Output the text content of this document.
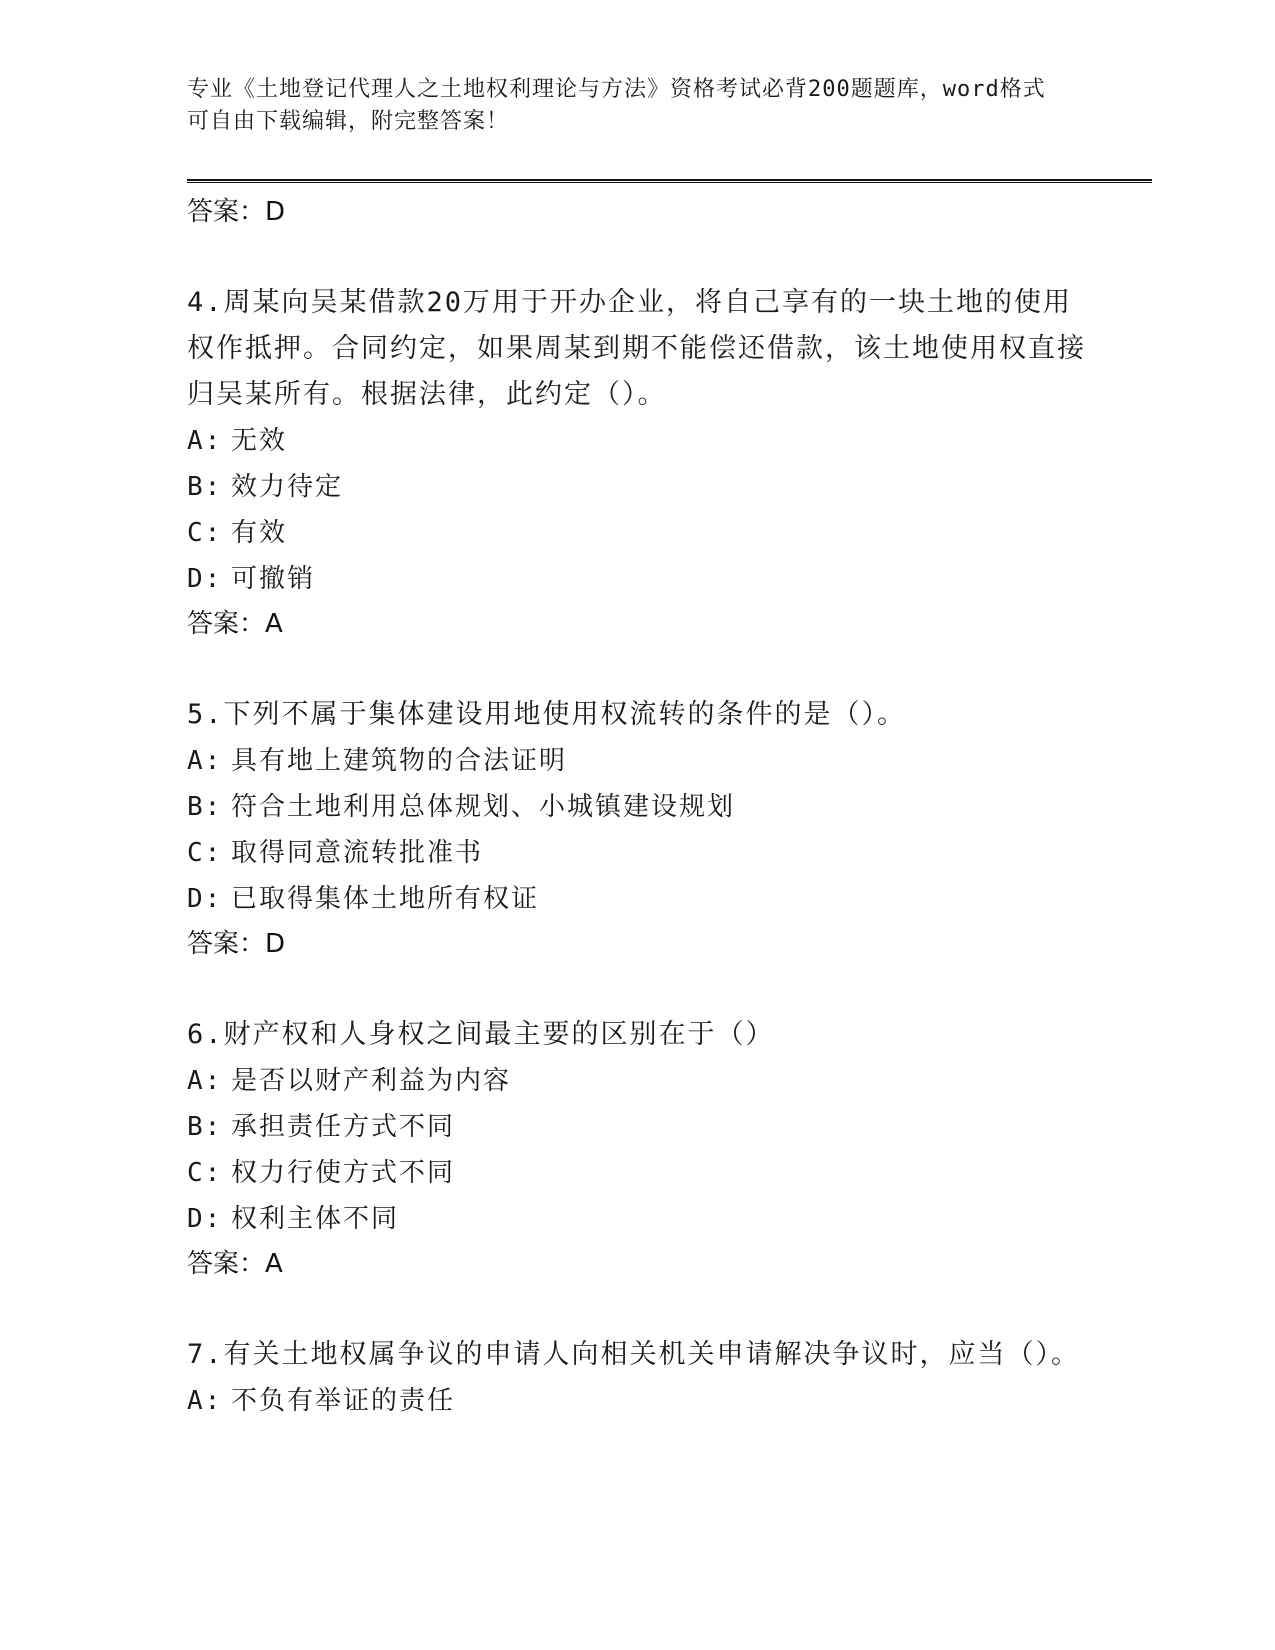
专业《土地登记代理人之土地权利理论与方法》资格考试必背200题题库，word格式可自由下载编辑，附完整答案！
答案：D
4.周某向吴某借款20万用于开办企业，将自己享有的一块土地的使用权作抵押。合同约定，如果周某到期不能偿还借款，该土地使用权直接归吴某所有。根据法律，此约定（）。
A: 无效
B: 效力待定
C: 有效
D: 可撤销
答案：A
5.下列不属于集体建设用地使用权流转的条件的是（）。
A: 具有地上建筑物的合法证明
B: 符合土地利用总体规划、小城镇建设规划
C: 取得同意流转批准书
D: 已取得集体土地所有权证
答案：D
6.财产权和人身权之间最主要的区别在于（）
A: 是否以财产利益为内容
B: 承担责任方式不同
C: 权力行使方式不同
D: 权利主体不同
答案：A
7.有关土地权属争议的申请人向相关机关申请解决争议时，应当（）。
A: 不负有举证的责任
